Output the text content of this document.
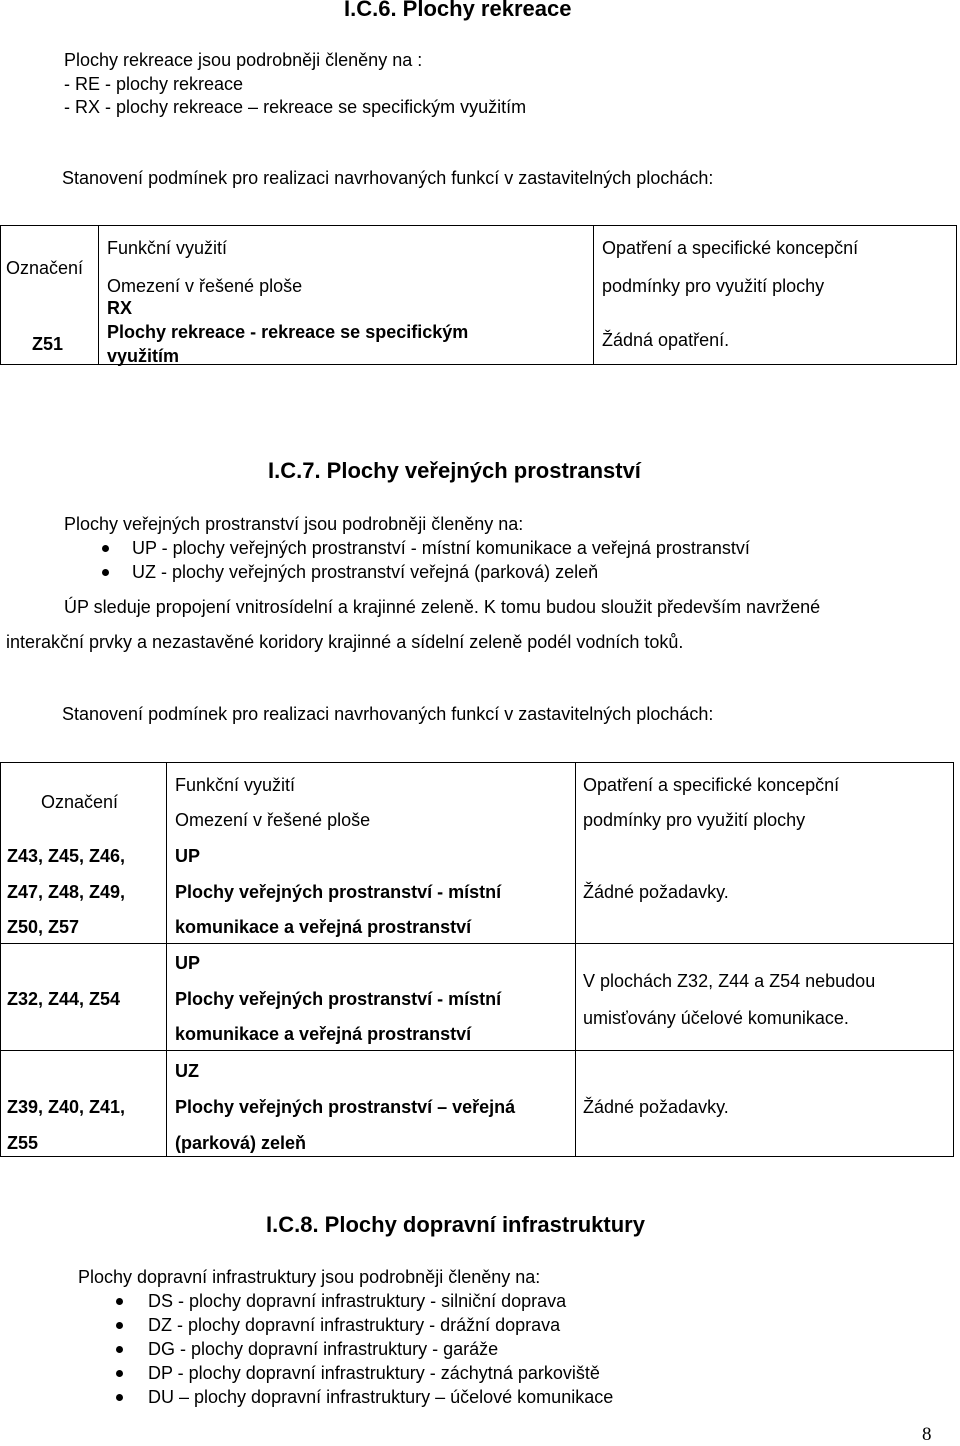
I.C.6. Plochy rekreace
Plochy rekreace jsou podrobněji členěny na :
- RE - plochy rekreace
- RX - plochy rekreace – rekreace se specifickým využitím
Stanovení podmínek pro realizaci navrhovaných funkcí v zastavitelných plochách:
Označení
Funkční využití
Omezení v řešené ploše
Opatření a specifické koncepční
podmínky pro využití plochy
Z51
RX
Plochy rekreace - rekreace se specifickým
využitím
Žádná opatření.
I.C.7. Plochy veřejných prostranství
Plochy veřejných prostranství jsou podrobněji členěny na:
UP - plochy veřejných prostranství - místní komunikace a veřejná prostranství
UZ - plochy veřejných prostranství veřejná (parková) zeleň
ÚP sleduje propojení vnitrosídelní a krajinné zeleně. K tomu budou sloužit především navržené
interakční prvky a nezastavěné koridory krajinné a sídelní zeleně podél vodních toků.
Stanovení podmínek pro realizaci navrhovaných funkcí v zastavitelných plochách:
Označení
Funkční využití
Omezení v řešené ploše
Opatření a specifické koncepční
podmínky pro využití plochy
Z43, Z45, Z46,
Z47, Z48, Z49,
Z50, Z57
UP
Plochy veřejných prostranství - místní
komunikace a veřejná prostranství
Žádné požadavky.
Z32, Z44, Z54
UP
Plochy veřejných prostranství - místní
komunikace a veřejná prostranství
V plochách Z32, Z44 a Z54 nebudou
umisťovány účelové komunikace.
Z39, Z40, Z41,
Z55
UZ
Plochy veřejných prostranství – veřejná
(parková) zeleň
Žádné požadavky.
I.C.8. Plochy dopravní infrastruktury
Plochy dopravní infrastruktury jsou podrobněji členěny na:
DS - plochy dopravní infrastruktury - silniční doprava
DZ - plochy dopravní infrastruktury - drážní doprava
DG - plochy dopravní infrastruktury - garáže
DP - plochy dopravní infrastruktury - záchytná parkoviště
DU – plochy dopravní infrastruktury – účelové komunikace
8
